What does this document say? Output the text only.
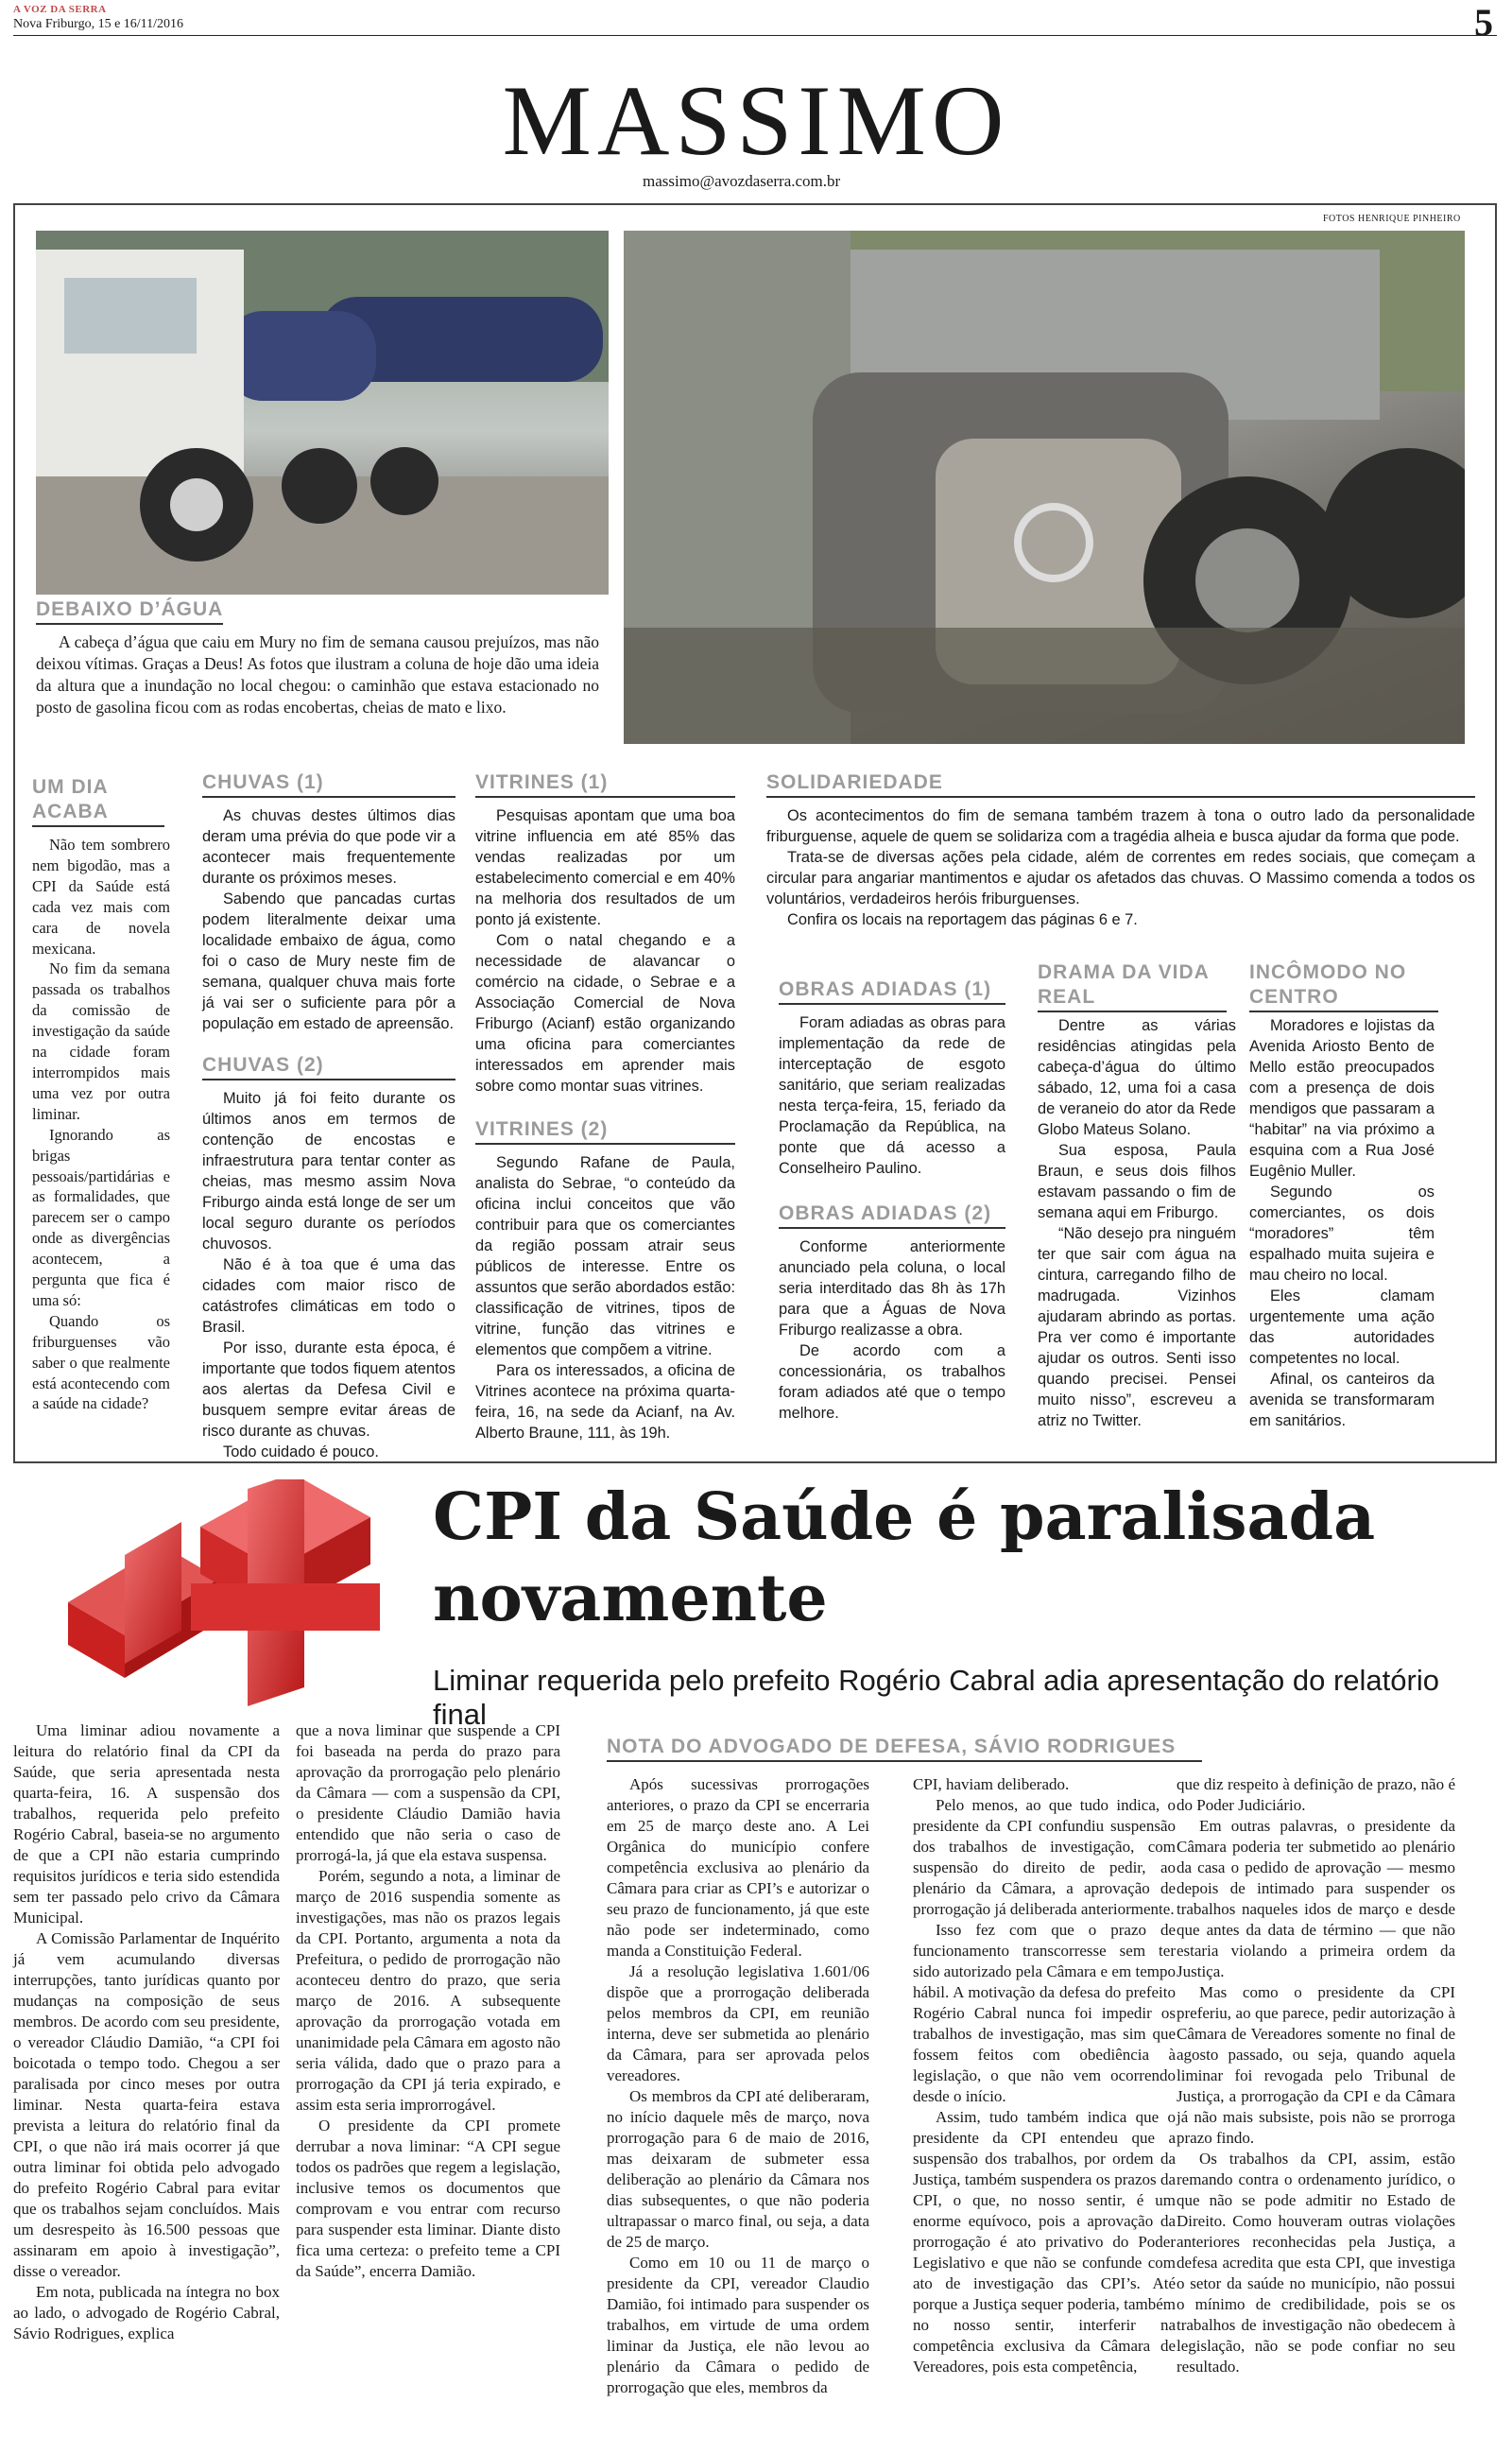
A VOZ DA SERRA
Nova Friburgo, 15 e 16/11/2016	5
MASSIMO
massimo@avozdaserra.com.br
FOTOS HENRIQUE PINHEIRO
DEBAIXO D’ÁGUA

A cabeça d’água que caiu em Mury no fim de semana causou prejuízos, mas não deixou vítimas. Graças a Deus! As fotos que ilustram a coluna de hoje dão uma ideia da altura que a inundação no local chegou: o caminhão que estava estacionado no posto de gasolina ficou com as rodas encobertas, cheias de mato e lixo.

UM DIA ACABA

Não tem sombrero nem bigodão, mas a CPI da Saúde está cada vez mais com cara de novela mexicana.

No fim da semana passada os trabalhos da comissão de investigação da saúde na cidade foram interrompidos mais uma vez por outra liminar.

Ignorando as brigas pessoais/partidárias e as formalidades, que parecem ser o campo onde as divergências acontecem, a pergunta que fica é uma só:

Quando os friburguenses vão saber o que realmente está acontecendo com a saúde na cidade?

CHUVAS (1)

As chuvas destes últimos dias deram uma prévia do que pode vir a acontecer mais frequentemente durante os próximos meses.

Sabendo que pancadas curtas podem literalmente deixar uma localidade embaixo de água, como foi o caso de Mury neste fim de semana, qualquer chuva mais forte já vai ser o suficiente para pôr a população em estado de apreensão.

CHUVAS (2)

Muito já foi feito durante os últimos anos em termos de contenção de encostas e infraestrutura para tentar conter as cheias, mas mesmo assim Nova Friburgo ainda está longe de ser um local seguro durante os períodos chuvosos.

Não é à toa que é uma das cidades com maior risco de catástrofes climáticas em todo o Brasil.

Por isso, durante esta época, é importante que todos fiquem atentos aos alertas da Defesa Civil e busquem sempre evitar áreas de risco durante as chuvas.

Todo cuidado é pouco.

VITRINES (1)

Pesquisas apontam que uma boa vitrine influencia em até 85% das vendas realizadas por um estabelecimento comercial e em 40% na melhoria dos resultados de um ponto já existente.

Com o natal chegando e a necessidade de alavancar o comércio na cidade, o Sebrae e a Associação Comercial de Nova Friburgo (Acianf) estão organizando uma oficina para comerciantes interessados em aprender mais sobre como montar suas vitrines.

VITRINES (2)

Segundo Rafane de Paula, analista do Sebrae, “o conteúdo da oficina inclui conceitos que vão contribuir para que os comerciantes da região possam atrair seus públicos de interesse. Entre os assuntos que serão abordados estão: classificação de vitrines, tipos de vitrine, função das vitrines e elementos que compõem a vitrine.

Para os interessados, a oficina de Vitrines acontece na próxima quarta-feira, 16, na sede da Acianf, na Av. Alberto Braune, 111, às 19h.

SOLIDARIEDADE

Os acontecimentos do fim de semana também trazem à tona o outro lado da personalidade friburguense, aquele de quem se solidariza com a tragédia alheia e busca ajudar da forma que pode.

Trata-se de diversas ações pela cidade, além de correntes em redes sociais, que começam a circular para angariar mantimentos e ajudar os afetados das chuvas. O Massimo comenda a todos os voluntários, verdadeiros heróis friburguenses.

Confira os locais na reportagem das páginas 6 e 7.

OBRAS ADIADAS (1)

Foram adiadas as obras para implementação da rede de interceptação de esgoto sanitário, que seriam realizadas nesta terça-feira, 15, feriado da Proclamação da República, na ponte que dá acesso a Conselheiro Paulino.

OBRAS ADIADAS (2)

Conforme anteriormente anunciado pela coluna, o local seria interditado das 8h às 17h para que a Águas de Nova Friburgo realizasse a obra.

De acordo com a concessionária, os trabalhos foram adiados até que o tempo melhore.

DRAMA DA VIDA REAL

Dentre as várias residências atingidas pela cabeça-d’água do último sábado, 12, uma foi a casa de veraneio do ator da Rede Globo Mateus Solano.

Sua esposa, Paula Braun, e seus dois filhos estavam passando o fim de semana aqui em Friburgo.

“Não desejo pra ninguém ter que sair com água na cintura, carregando filho de madrugada. Vizinhos ajudaram abrindo as portas. Pra ver como é importante ajudar os outros. Senti isso quando precisei. Pensei muito nisso”, escreveu a atriz no Twitter.

INCÔMODO NO CENTRO

Moradores e lojistas da Avenida Ariosto Bento de Mello estão preocupados com a presença de dois mendigos que passaram a “habitar” na via próximo a esquina com a Rua José Eugênio Muller.

Segundo os comerciantes, os dois “moradores” têm espalhado muita sujeira e mau cheiro no local.

Eles clamam urgentemente uma ação das autoridades competentes no local.

Afinal, os canteiros da avenida se transformaram em sanitários.

CPI da Saúde é paralisada novamente
Liminar requerida pelo prefeito Rogério Cabral adia apresentação do relatório final

Uma liminar adiou novamente a leitura do relatório final da CPI da Saúde, que seria apresentada nesta quarta-feira, 16. A suspensão dos trabalhos, requerida pelo prefeito Rogério Cabral, baseia-se no argumento de que a CPI não estaria cumprindo requisitos jurídicos e teria sido estendida sem ter passado pelo crivo da Câmara Municipal.

A Comissão Parlamentar de Inquérito já vem acumulando diversas interrupções, tanto jurídicas quanto por mudanças na composição de seus membros. De acordo com seu presidente, o vereador Cláudio Damião, “a CPI foi boicotada o tempo todo. Chegou a ser paralisada por cinco meses por outra liminar. Nesta quarta-feira estava prevista a leitura do relatório final da CPI, o que não irá mais ocorrer já que outra liminar foi obtida pelo advogado do prefeito Rogério Cabral para evitar que os trabalhos sejam concluídos. Mais um desrespeito às 16.500 pessoas que assinaram em apoio à investigação”, disse o vereador.

Em nota, publicada na íntegra no box ao lado, o advogado de Rogério Cabral, Sávio Rodrigues, explica

que a nova liminar que suspende a CPI foi baseada na perda do prazo para aprovação da prorrogação pelo plenário da Câmara — com a suspensão da CPI, o presidente Cláudio Damião havia entendido que não seria o caso de prorrogá-la, já que ela estava suspensa.

Porém, segundo a nota, a liminar de março de 2016 suspendia somente as investigações, mas não os prazos legais da CPI. Portanto, argumenta a nota da Prefeitura, o pedido de prorrogação não aconteceu dentro do prazo, que seria março de 2016. A subsequente aprovação da prorrogação votada em unanimidade pela Câmara em agosto não seria válida, dado que o prazo para a prorrogação da CPI já teria expirado, e assim esta seria improrrogável.

O presidente da CPI promete derrubar a nova liminar: “A CPI segue todos os padrões que regem a legislação, inclusive temos os documentos que comprovam e vou entrar com recurso para suspender esta liminar. Diante disto fica uma certeza: o prefeito teme a CPI da Saúde”, encerra Damião.

NOTA DO ADVOGADO DE DEFESA, SÁVIO RODRIGUES

Após sucessivas prorrogações anteriores, o prazo da CPI se encerraria em 25 de março deste ano. A Lei Orgânica do município confere competência exclusiva ao plenário da Câmara para criar as CPI’s e autorizar o seu prazo de funcionamento, já que este não pode ser indeterminado, como manda a Constituição Federal.

Já a resolução legislativa 1.601/06 dispõe que a prorrogação deliberada pelos membros da CPI, em reunião interna, deve ser submetida ao plenário da Câmara, para ser aprovada pelos vereadores.

Os membros da CPI até deliberaram, no início daquele mês de março, nova prorrogação para 6 de maio de 2016, mas deixaram de submeter essa deliberação ao plenário da Câmara nos dias subsequentes, o que não poderia ultrapassar o marco final, ou seja, a data de 25 de março.

Como em 10 ou 11 de março o presidente da CPI, vereador Claudio Damião, foi intimado para suspender os trabalhos, em virtude de uma ordem liminar da Justiça, ele não levou ao plenário da Câmara o pedido de prorrogação que eles, membros da

CPI, haviam deliberado.

Pelo menos, ao que tudo indica, o presidente da CPI confundiu suspensão dos trabalhos de investigação, com suspensão do direito de pedir, ao plenário da Câmara, a aprovação de prorrogação já deliberada anteriormente.

Isso fez com que o prazo de funcionamento transcorresse sem ter sido autorizado pela Câmara e em tempo hábil. A motivação da defesa do prefeito Rogério Cabral nunca foi impedir os trabalhos de investigação, mas sim que fossem feitos com obediência à legislação, o que não vem ocorrendo desde o início.

Assim, tudo também indica que o presidente da CPI entendeu que a suspensão dos trabalhos, por ordem da Justiça, também suspendera os prazos da CPI, o que, no nosso sentir, é um enorme equívoco, pois a aprovação da prorrogação é ato privativo do Poder Legislativo e que não se confunde com ato de investigação das CPI’s. Até porque a Justiça sequer poderia, também no nosso sentir, interferir na competência exclusiva da Câmara de Vereadores, pois esta competência,

que diz respeito à definição de prazo, não é do Poder Judiciário.

Em outras palavras, o presidente da Câmara poderia ter submetido ao plenário da casa o pedido de aprovação — mesmo depois de intimado para suspender os trabalhos naqueles idos de março e desde que antes da data de término — que não estaria violando a primeira ordem da Justiça.

Mas como o presidente da CPI preferiu, ao que parece, pedir autorização à Câmara de Vereadores somente no final de agosto passado, ou seja, quando aquela liminar foi revogada pelo Tribunal de Justiça, a prorrogação da CPI e da Câmara já não mais subsiste, pois não se prorroga prazo findo.

Os trabalhos da CPI, assim, estão remando contra o ordenamento jurídico, o que não se pode admitir no Estado de Direito. Como houveram outras violações anteriores reconhecidas pela Justiça, a defesa acredita que esta CPI, que investiga o setor da saúde no município, não possui o mínimo de credibilidade, pois se os trabalhos de investigação não obedecem à legislação, não se pode confiar no seu resultado.
